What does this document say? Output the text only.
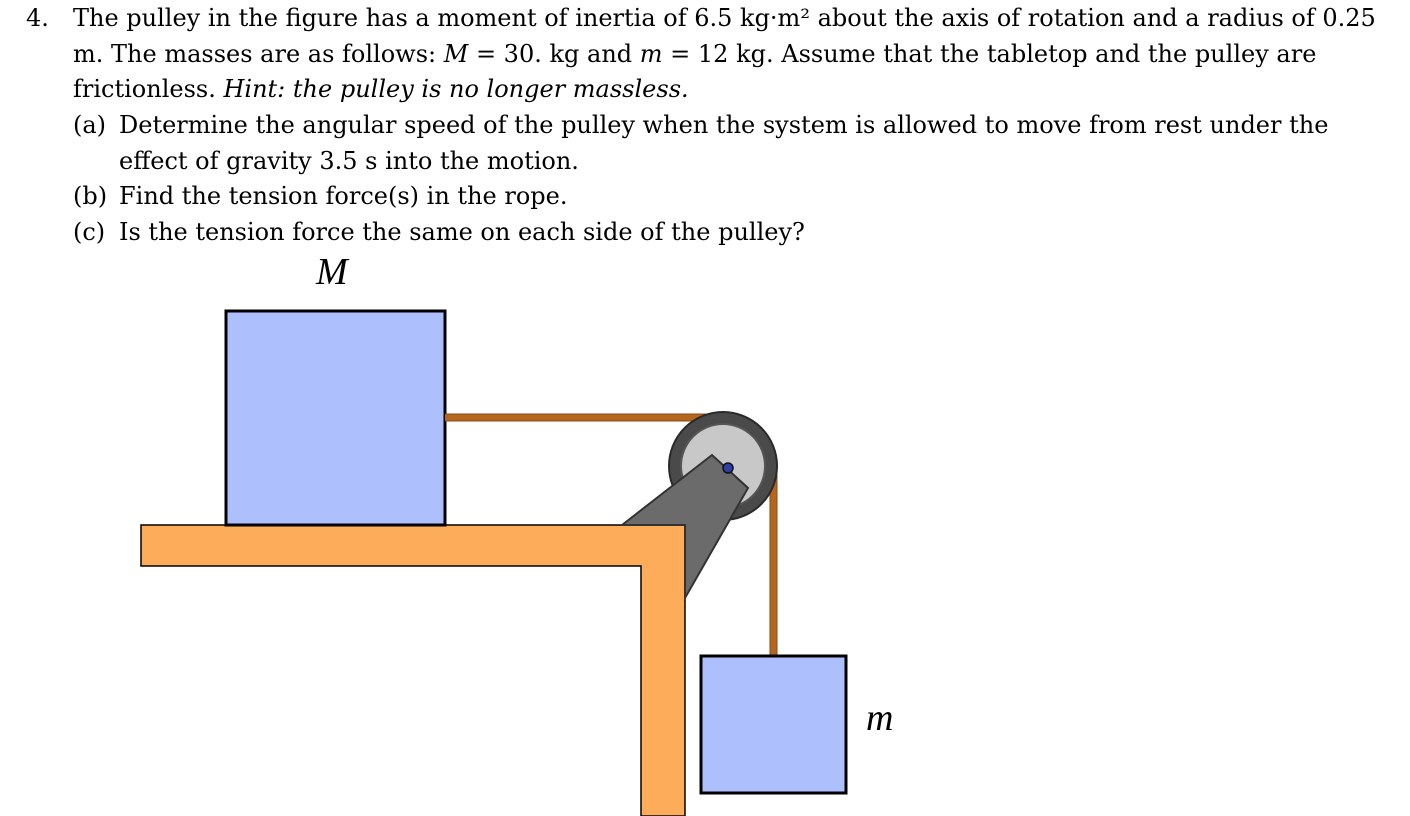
4. The pulley in the figure has a moment of inertia of 6.5 kg·m² about the axis of rotation and a radius of 0.25
m. The masses are as follows: M = 30. kg and m = 12 kg. Assume that the tabletop and the pulley are
frictionless. Hint: the pulley is no longer massless.
(a) Determine the angular speed of the pulley when the system is allowed to move from rest under the
effect of gravity 3.5 s into the motion.
(b) Find the tension force(s) in the rope.
(c) Is the tension force the same on each side of the pulley?
M
m
